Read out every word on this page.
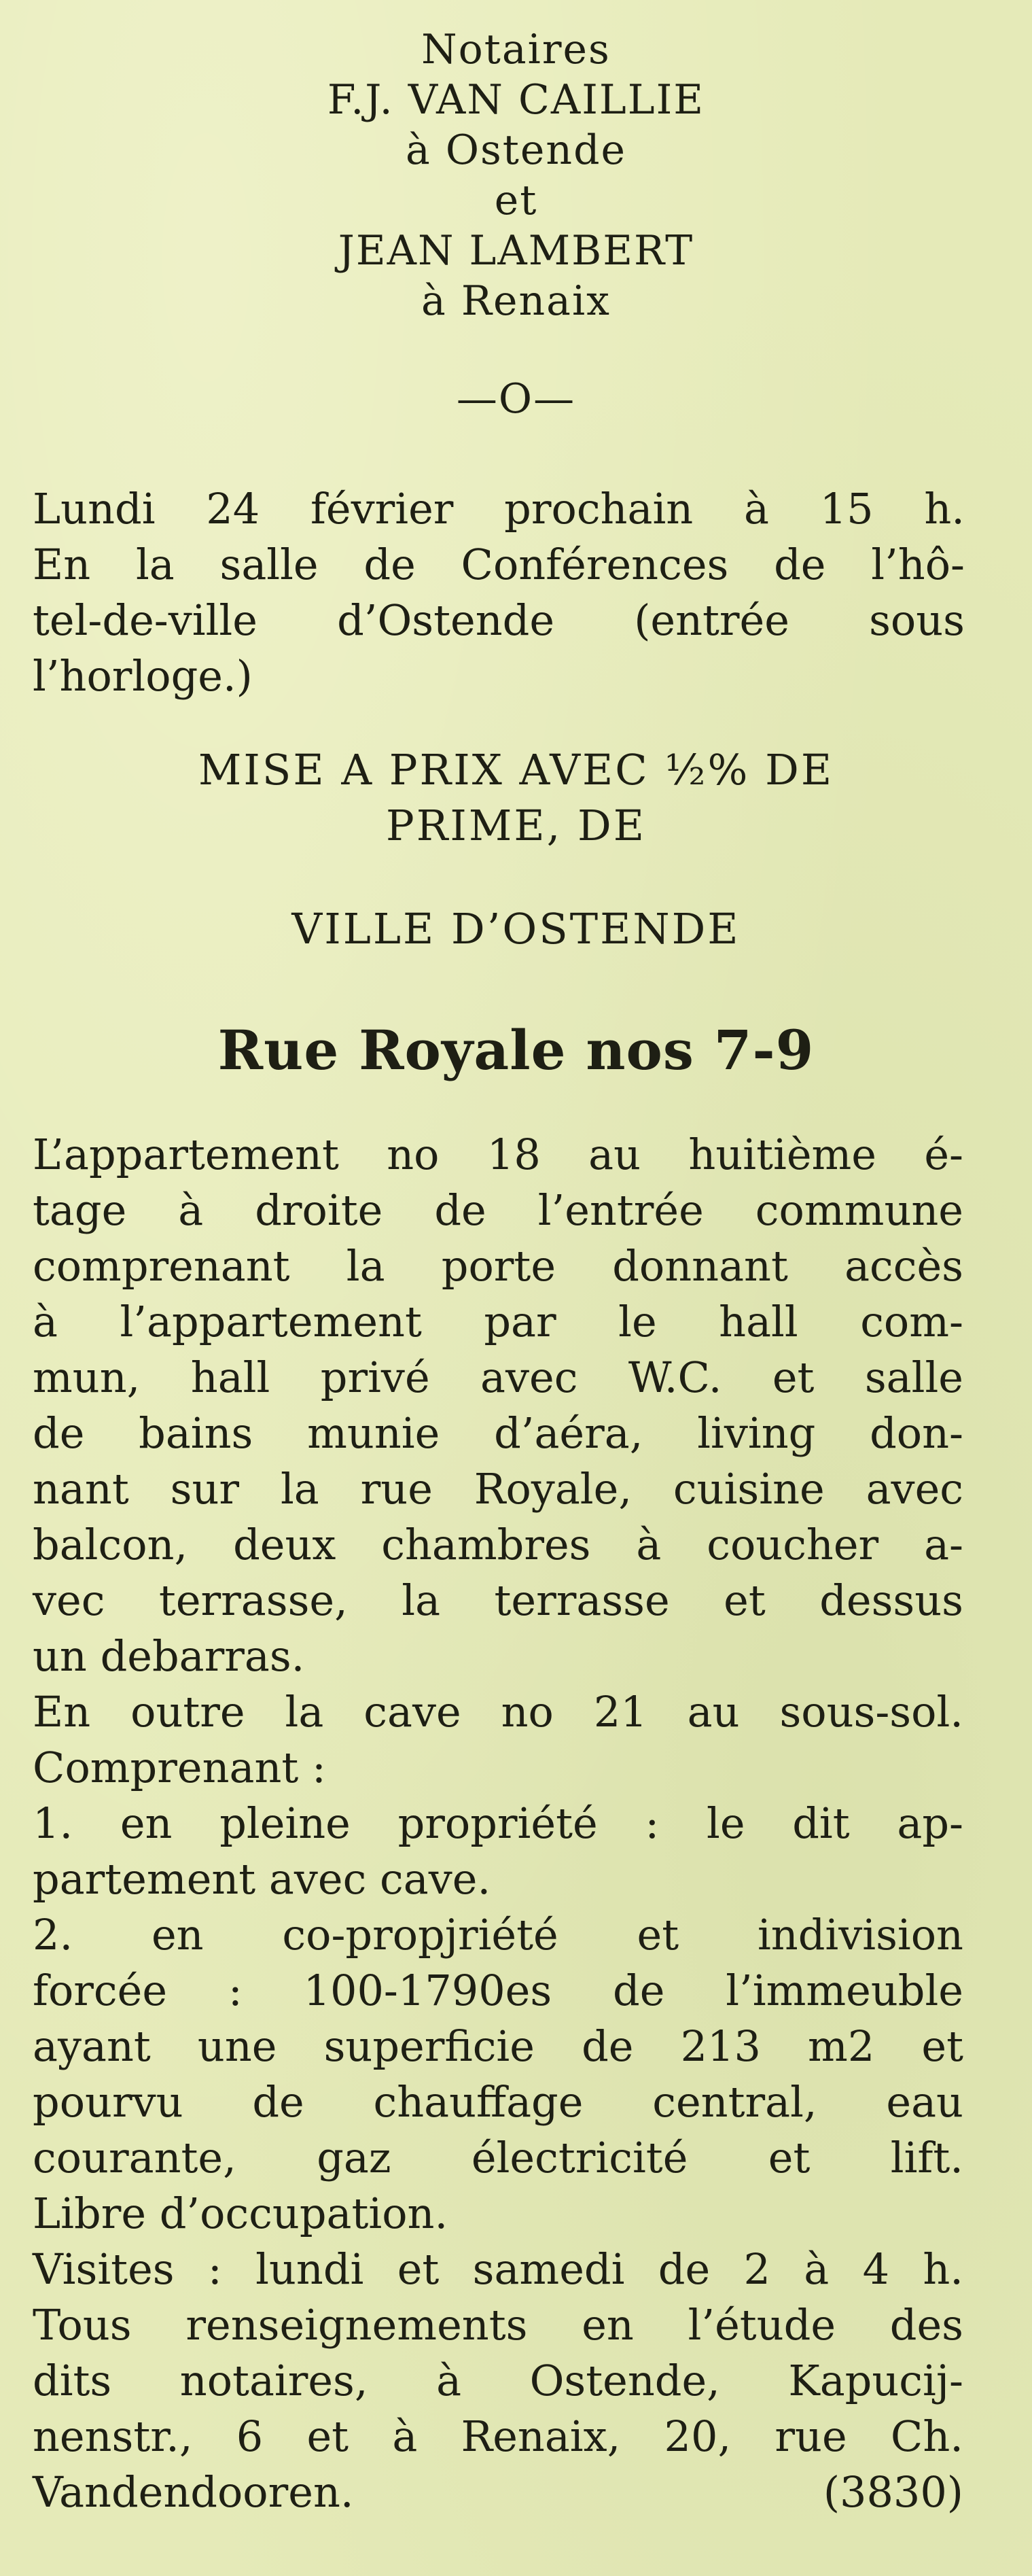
Notaires
F.J. VAN CAILLIE
à Ostende
et
JEAN LAMBERT
à Renaix
—O—
Lundi 24 février prochain à 15 h.
En la salle de Conférences de l’hô-
tel-de-ville d’Ostende (entrée sous
l’horloge.)
MISE A PRIX AVEC ½% DE
PRIME, DE
VILLE D’OSTENDE
Rue Royale nos 7-9
L’appartement no 18 au huitième é-
tage à droite de l’entrée commune
comprenant la porte donnant accès
à l’appartement par le hall com-
mun, hall privé avec W.C. et salle
de bains munie d’aéra, living don-
nant sur la rue Royale, cuisine avec
balcon, deux chambres à coucher a-
vec terrasse, la terrasse et dessus
un debarras.
En outre la cave no 21 au sous-sol.
Comprenant :
1. en pleine propriété : le dit ap-
partement avec cave.
2. en co-propjriété et indivision
forcée : 100-1790es de l’immeuble
ayant une superficie de 213 m2 et
pourvu de chauffage central, eau
courante, gaz électricité et lift.
Libre d’occupation.
Visites : lundi et samedi de 2 à 4 h.
Tous renseignements en l’étude des
dits notaires, à Ostende, Kapucij-
nenstr., 6 et à Renaix, 20, rue Ch.
Vandendooren.	(3830)
